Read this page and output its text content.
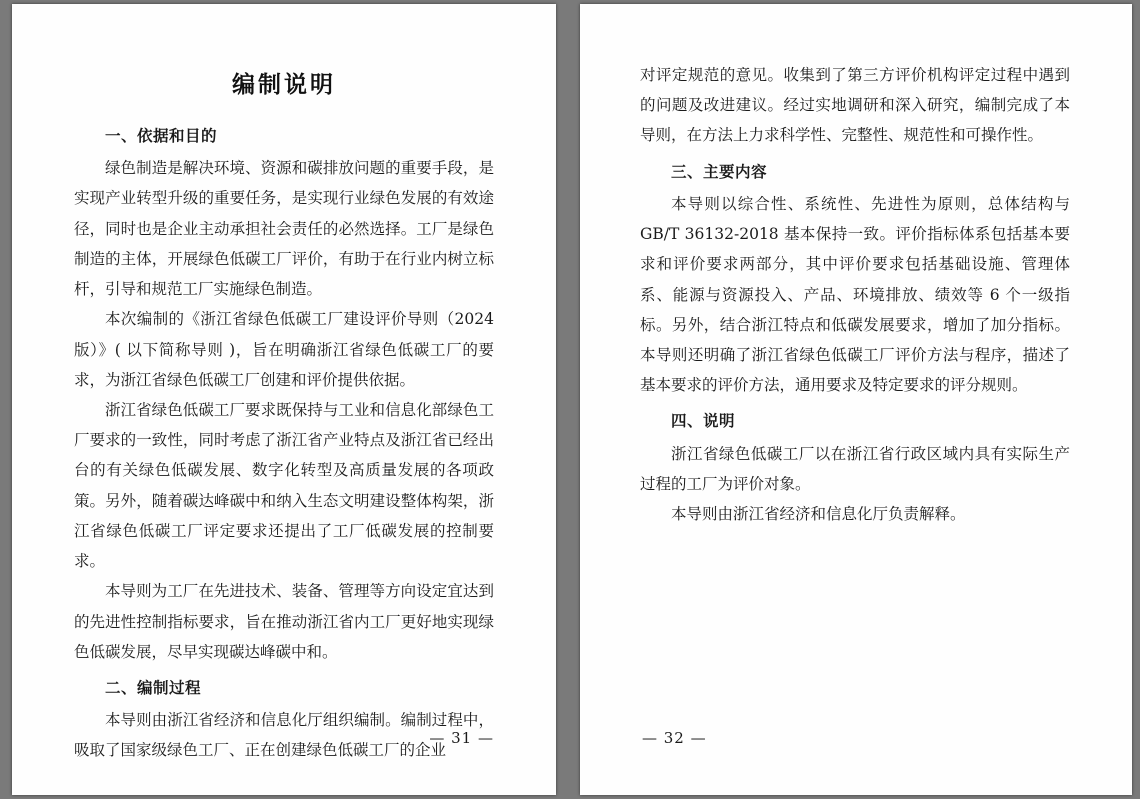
编制说明

一、依据和目的

绿色制造是解决环境、资源和碳排放问题的重要手段，是实现产业转型升级的重要任务，是实现行业绿色发展的有效途径，同时也是企业主动承担社会责任的必然选择。工厂是绿色制造的主体，开展绿色低碳工厂评价，有助于在行业内树立标杆，引导和规范工厂实施绿色制造。

本次编制的《浙江省绿色低碳工厂建设评价导则（2024版）》( 以下简称导则 )，旨在明确浙江省绿色低碳工厂的要求，为浙江省绿色低碳工厂创建和评价提供依据。

浙江省绿色低碳工厂要求既保持与工业和信息化部绿色工厂要求的一致性，同时考虑了浙江省产业特点及浙江省已经出台的有关绿色低碳发展、数字化转型及高质量发展的各项政策。另外，随着碳达峰碳中和纳入生态文明建设整体构架，浙江省绿色低碳工厂评定要求还提出了工厂低碳发展的控制要求。

本导则为工厂在先进技术、装备、管理等方向设定宜达到的先进性控制指标要求，旨在推动浙江省内工厂更好地实现绿色低碳发展，尽早实现碳达峰碳中和。

二、编制过程

本导则由浙江省经济和信息化厅组织编制。编制过程中，吸取了国家级绿色工厂、正在创建绿色低碳工厂的企业

— 31 —

对评定规范的意见。收集到了第三方评价机构评定过程中遇到的问题及改进建议。经过实地调研和深入研究，编制完成了本导则，在方法上力求科学性、完整性、规范性和可操作性。

三、主要内容

本导则以综合性、系统性、先进性为原则，总体结构与GB/T 36132-2018 基本保持一致。评价指标体系包括基本要求和评价要求两部分，其中评价要求包括基础设施、管理体系、能源与资源投入、产品、环境排放、绩效等 6 个一级指标。另外，结合浙江特点和低碳发展要求，增加了加分指标。本导则还明确了浙江省绿色低碳工厂评价方法与程序，描述了基本要求的评价方法，通用要求及特定要求的评分规则。

四、说明

浙江省绿色低碳工厂以在浙江省行政区域内具有实际生产过程的工厂为评价对象。

本导则由浙江省经济和信息化厅负责解释。

— 32 —
